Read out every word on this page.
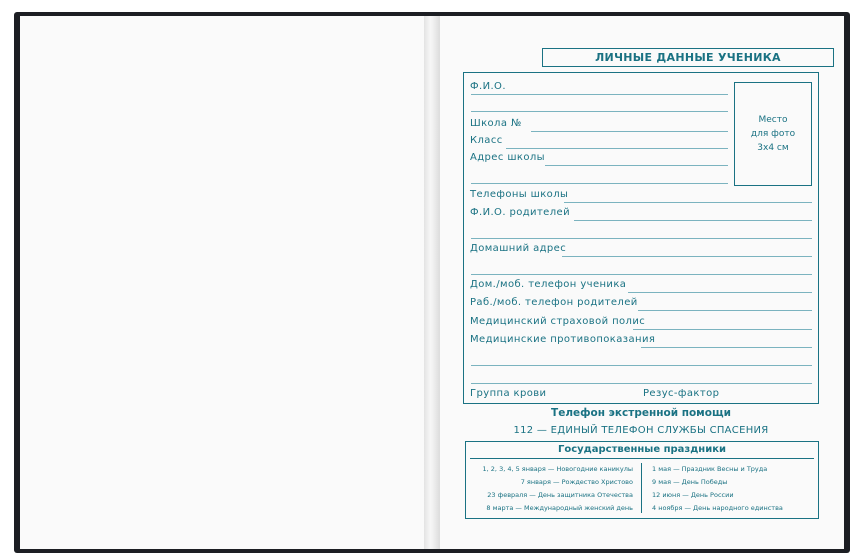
ЛИЧНЫЕ ДАННЫЕ УЧЕНИКА
Место
для фото
3х4 см
Ф.И.О.
Школа №
Класс
Адрес школы
Телефоны школы
Ф.И.О. родителей
Домашний адрес
Дом./моб. телефон ученика
Раб./моб. телефон родителей
Медицинский страховой полис
Медицинские противопоказания
Группа крови	Резус-фактор
Телефон экстренной помощи
112 — ЕДИНЫЙ ТЕЛЕФОН СЛУЖБЫ СПАСЕНИЯ
Государственные праздники
1, 2, 3, 4, 5 января — Новогодние каникулы
7 января — Рождество Христово
23 февраля — День защитника Отечества
8 марта — Международный женский день
1 мая — Праздник Весны и Труда
9 мая — День Победы
12 июня — День России
4 ноября — День народного единства
